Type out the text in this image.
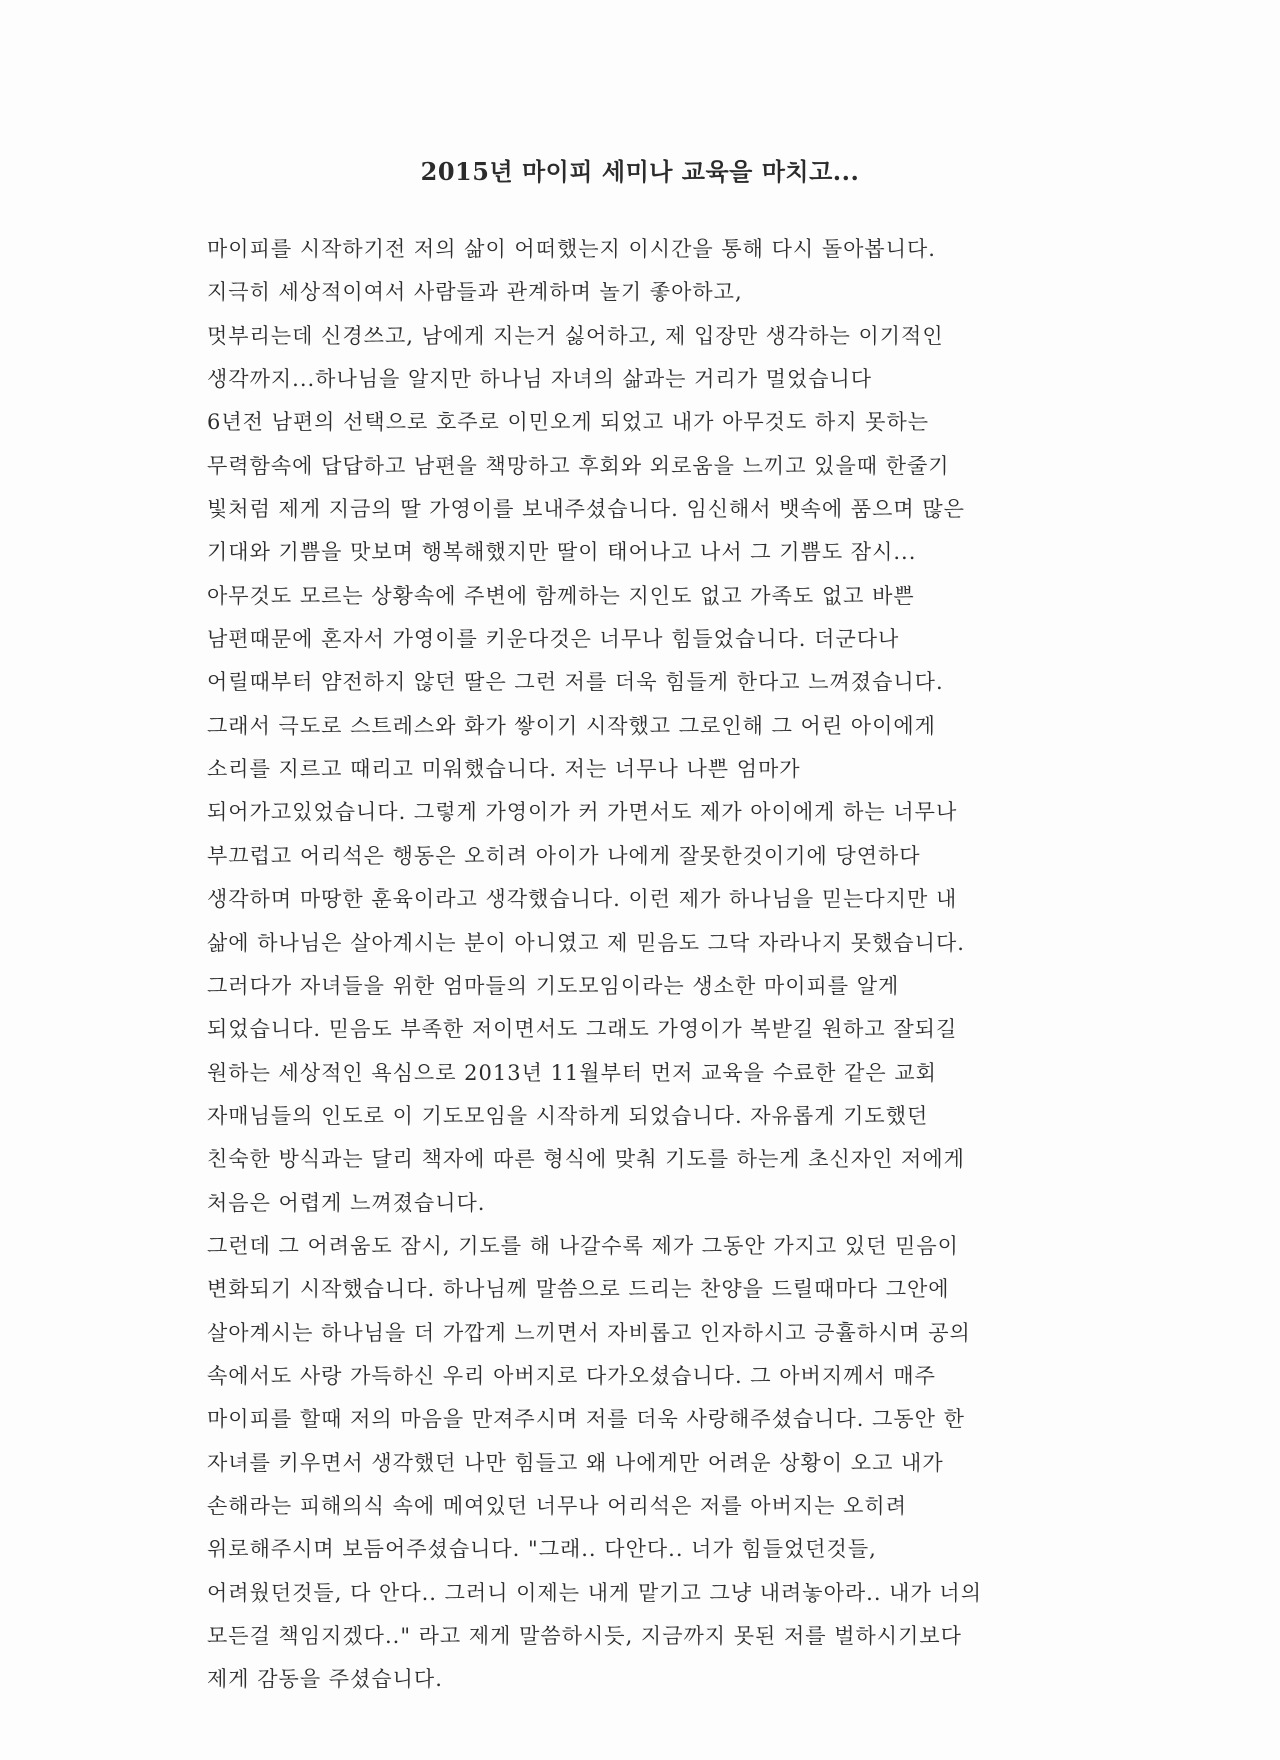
2015년 마이피 세미나 교육을 마치고...
마이피를 시작하기전 저의 삶이 어떠했는지 이시간을 통해 다시 돌아봅니다.
지극히 세상적이여서 사람들과 관계하며 놀기 좋아하고,
멋부리는데 신경쓰고, 남에게 지는거 싫어하고, 제 입장만 생각하는 이기적인
생각까지...하나님을 알지만 하나님 자녀의 삶과는 거리가 멀었습니다
6년전 남편의 선택으로 호주로 이민오게 되었고 내가 아무것도 하지 못하는
무력함속에 답답하고 남편을 책망하고 후회와 외로움을 느끼고 있을때 한줄기
빛처럼 제게 지금의 딸 가영이를 보내주셨습니다. 임신해서 뱃속에 품으며 많은
기대와 기쁨을 맛보며 행복해했지만 딸이 태어나고 나서 그 기쁨도 잠시...
아무것도 모르는 상황속에 주변에 함께하는 지인도 없고 가족도 없고 바쁜
남편때문에 혼자서 가영이를 키운다것은 너무나 힘들었습니다. 더군다나
어릴때부터 얌전하지 않던 딸은 그런 저를 더욱 힘들게 한다고 느껴졌습니다.
그래서 극도로 스트레스와 화가 쌓이기 시작했고 그로인해 그 어린 아이에게
소리를 지르고 때리고 미워했습니다. 저는 너무나 나쁜 엄마가
되어가고있었습니다. 그렇게 가영이가 커 가면서도 제가 아이에게 하는 너무나
부끄럽고 어리석은 행동은 오히려 아이가 나에게 잘못한것이기에 당연하다
생각하며 마땅한 훈육이라고 생각했습니다. 이런 제가 하나님을 믿는다지만 내
삶에 하나님은 살아계시는 분이 아니였고 제 믿음도 그닥 자라나지 못했습니다.
그러다가 자녀들을 위한 엄마들의 기도모임이라는 생소한 마이피를 알게
되었습니다. 믿음도 부족한 저이면서도 그래도 가영이가 복받길 원하고 잘되길
원하는 세상적인 욕심으로 2013년 11월부터 먼저 교육을 수료한 같은 교회
자매님들의 인도로 이 기도모임을 시작하게 되었습니다. 자유롭게 기도했던
친숙한 방식과는 달리 책자에 따른 형식에 맞춰 기도를 하는게 초신자인 저에게
처음은 어렵게 느껴졌습니다.
그런데 그 어려움도 잠시, 기도를 해 나갈수록 제가 그동안 가지고 있던 믿음이
변화되기 시작했습니다. 하나님께 말씀으로 드리는 찬양을 드릴때마다 그안에
살아계시는 하나님을 더 가깝게 느끼면서 자비롭고 인자하시고 긍휼하시며 공의
속에서도 사랑 가득하신 우리 아버지로 다가오셨습니다. 그 아버지께서 매주
마이피를 할때 저의 마음을 만져주시며 저를 더욱 사랑해주셨습니다. 그동안 한
자녀를 키우면서 생각했던 나만 힘들고 왜 나에게만 어려운 상황이 오고 내가
손해라는 피해의식 속에 메여있던 너무나 어리석은 저를 아버지는 오히려
위로해주시며 보듬어주셨습니다. "그래.. 다안다.. 너가 힘들었던것들,
어려웠던것들, 다 안다.. 그러니 이제는 내게 맡기고 그냥 내려놓아라.. 내가 너의
모든걸 책임지겠다.." 라고 제게 말씀하시듯, 지금까지 못된 저를 벌하시기보다
제게 감동을 주셨습니다.
